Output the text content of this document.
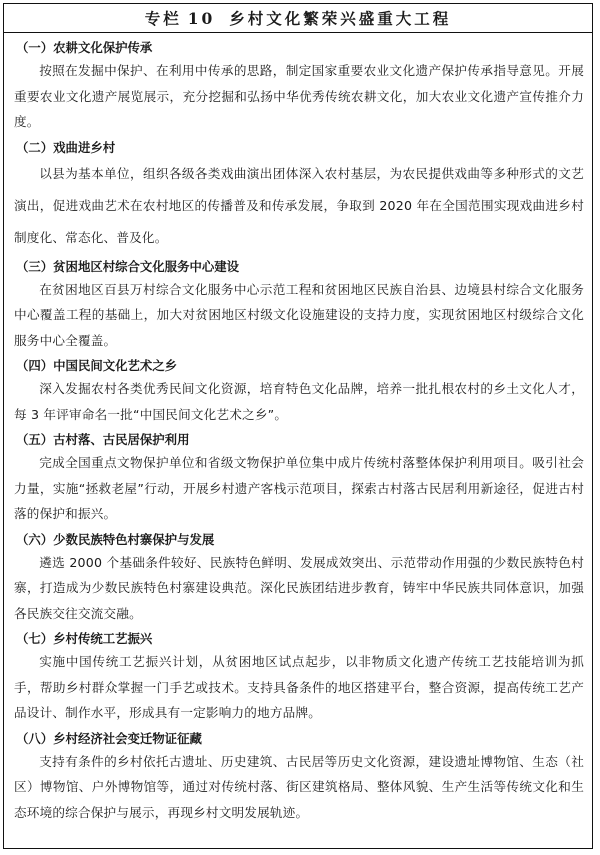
专栏 10 乡村文化繁荣兴盛重大工程
（一）农耕文化保护传承
按照在发掘中保护、在利用中传承的思路，制定国家重要农业文化遗产保护传承指导意见。开展重要农业文化遗产展览展示，充分挖掘和弘扬中华优秀传统农耕文化，加大农业文化遗产宣传推介力度。
（二）戏曲进乡村
以县为基本单位，组织各级各类戏曲演出团体深入农村基层，为农民提供戏曲等多种形式的文艺演出，促进戏曲艺术在农村地区的传播普及和传承发展，争取到 2020 年在全国范围实现戏曲进乡村制度化、常态化、普及化。
（三）贫困地区村综合文化服务中心建设
在贫困地区百县万村综合文化服务中心示范工程和贫困地区民族自治县、边境县村综合文化服务中心覆盖工程的基础上，加大对贫困地区村级文化设施建设的支持力度，实现贫困地区村级综合文化服务中心全覆盖。
（四）中国民间文化艺术之乡
深入发掘农村各类优秀民间文化资源，培育特色文化品牌，培养一批扎根农村的乡土文化人才，每 3 年评审命名一批“中国民间文化艺术之乡”。
（五）古村落、古民居保护利用
完成全国重点文物保护单位和省级文物保护单位集中成片传统村落整体保护利用项目。吸引社会力量，实施“拯救老屋”行动，开展乡村遗产客栈示范项目，探索古村落古民居利用新途径，促进古村落的保护和振兴。
（六）少数民族特色村寨保护与发展
遴选 2000 个基础条件较好、民族特色鲜明、发展成效突出、示范带动作用强的少数民族特色村寨，打造成为少数民族特色村寨建设典范。深化民族团结进步教育，铸牢中华民族共同体意识，加强各民族交往交流交融。
（七）乡村传统工艺振兴
实施中国传统工艺振兴计划，从贫困地区试点起步，以非物质文化遗产传统工艺技能培训为抓手，帮助乡村群众掌握一门手艺或技术。支持具备条件的地区搭建平台，整合资源，提高传统工艺产品设计、制作水平，形成具有一定影响力的地方品牌。
（八）乡村经济社会变迁物证征藏
支持有条件的乡村依托古遗址、历史建筑、古民居等历史文化资源，建设遗址博物馆、生态（社区）博物馆、户外博物馆等，通过对传统村落、街区建筑格局、整体风貌、生产生活等传统文化和生态环境的综合保护与展示，再现乡村文明发展轨迹。
